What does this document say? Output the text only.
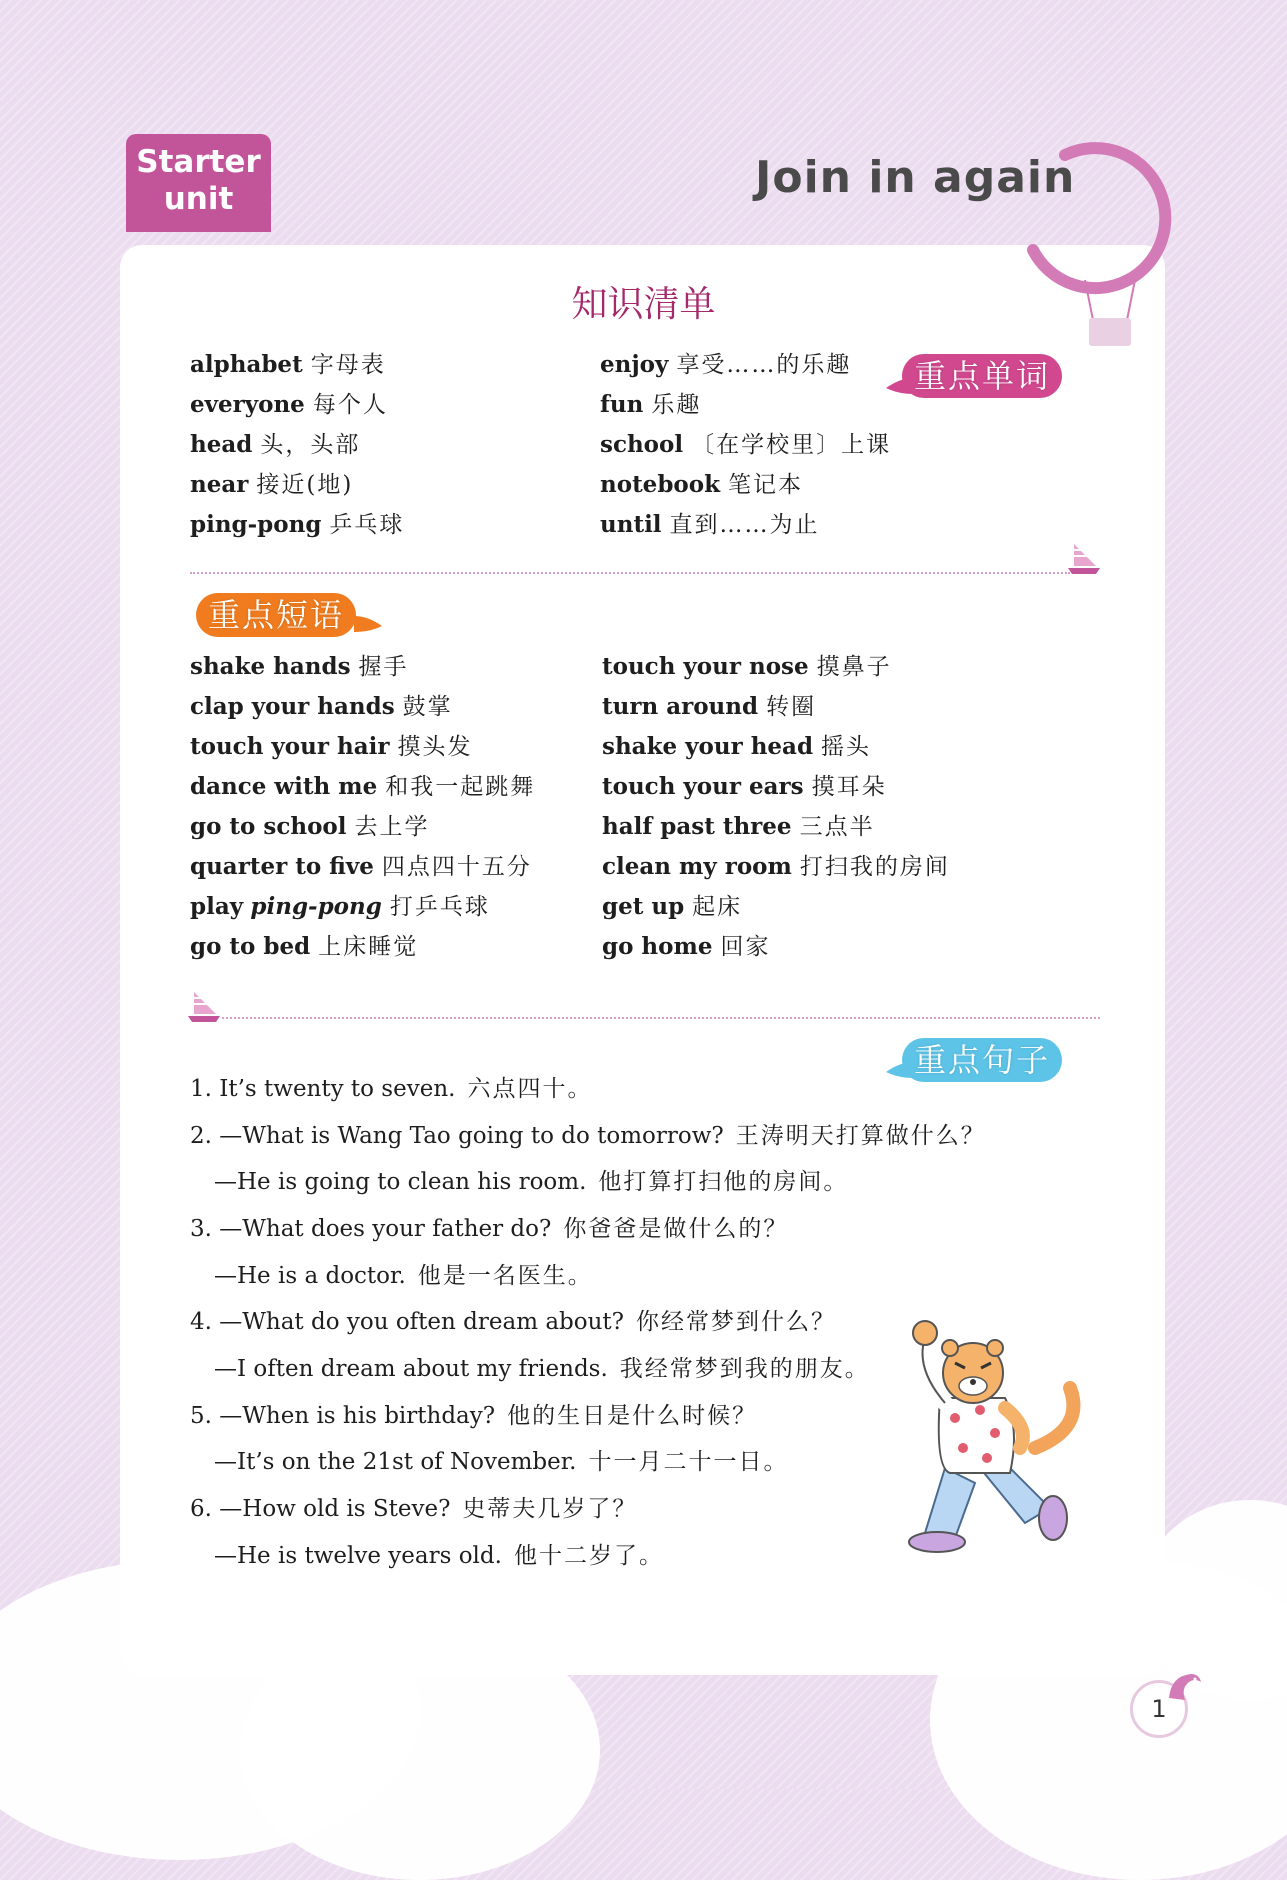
Starter
unit	Join in again
知识清单
重点单词
alphabet 字母表
everyone 每个人
head 头，头部
near 接近(地)
ping-pong 乒乓球
enjoy 享受……的乐趣
fun 乐趣
school 〔在学校里〕上课
notebook 笔记本
until 直到……为止
重点短语
shake hands 握手
clap your hands 鼓掌
touch your hair 摸头发
dance with me 和我一起跳舞
go to school 去上学
quarter to five 四点四十五分
play ping-pong 打乒乓球
go to bed 上床睡觉
touch your nose 摸鼻子
turn around 转圈
shake your head 摇头
touch your ears 摸耳朵
half past three 三点半
clean my room 打扫我的房间
get up 起床
go home 回家
重点句子
1. It’s twenty to seven. 六点四十。
2. —What is Wang Tao going to do tomorrow? 王涛明天打算做什么？
—He is going to clean his room. 他打算打扫他的房间。
3. —What does your father do? 你爸爸是做什么的？
—He is a doctor. 他是一名医生。
4. —What do you often dream about? 你经常梦到什么？
—I often dream about my friends. 我经常梦到我的朋友。
5. —When is his birthday? 他的生日是什么时候？
—It’s on the 21st of November. 十一月二十一日。
6. —How old is Steve? 史蒂夫几岁了？
—He is twelve years old. 他十二岁了。
1
